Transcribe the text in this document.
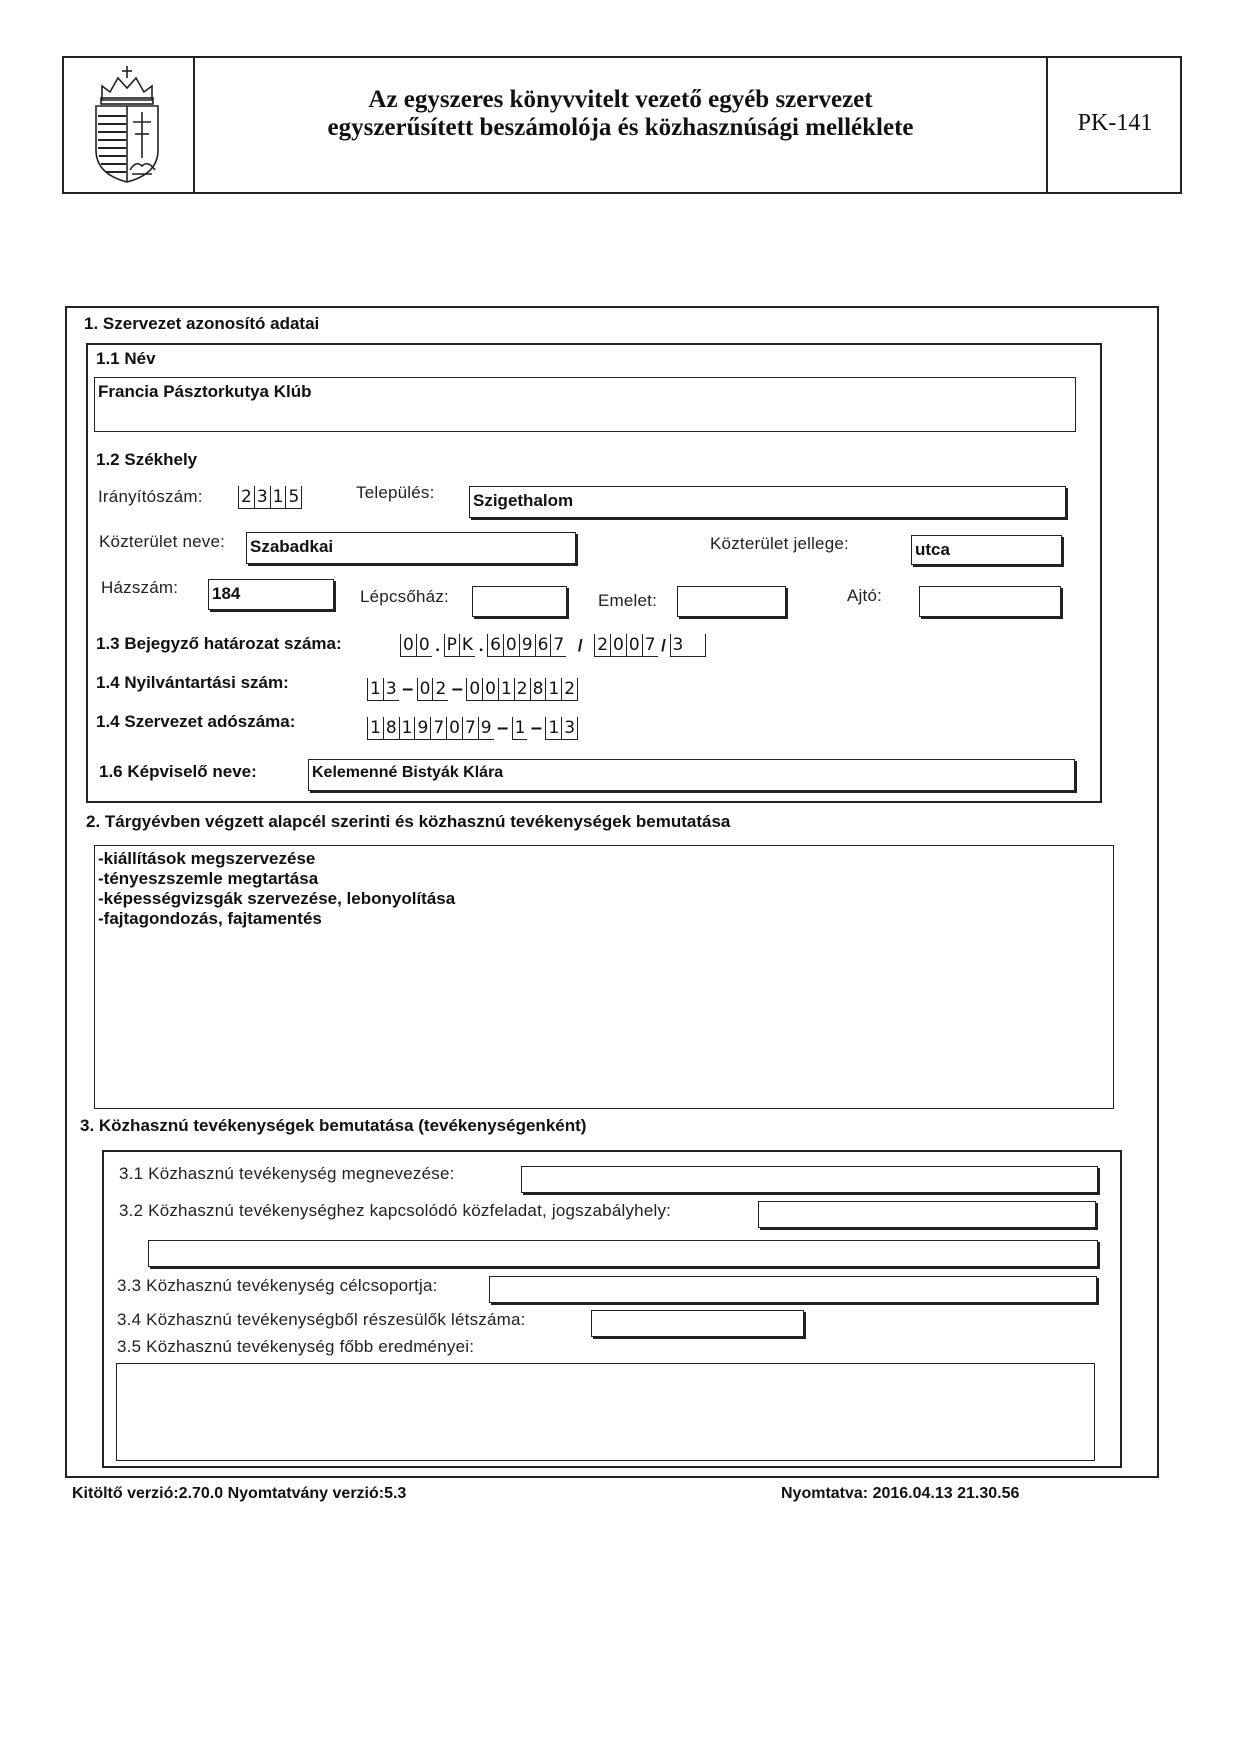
Az egyszeres könyvvitelt vezető egyéb szervezet
egyszerűsített beszámolója és közhasznúsági melléklete	PK-141
1. Szervezet azonosító adatai
1.1 Név
Francia Pásztorkutya Klúb
1.2 Székhely
Irányítószám: 2 3 1 5	Település: Szigethalom
Közterület neve: Szabadkai	Közterület jellege:	utca
Házszám: 184	Lépcsőház:	Emelet:	Ajtó:
1.3 Bejegyző határozat száma:	0 0 . P K . 6 0 9 6 7 / 2 0 0 7 / 3
1.4 Nyilvántartási szám:	1 3 – 0 2 – 0 0 1 2 8 1 2
1.4 Szervezet adószáma:	1 8 1 9 7 0 7 9 – 1 – 1 3
1.6 Képviselő neve:	Kelemenné Bistyák Klára
2. Tárgyévben végzett alapcél szerinti és közhasznú tevékenységek bemutatása
-kiállítások megszervezése
-tényeszszemle megtartása
-képességvizsgák szervezése, lebonyolítása
-fajtagondozás, fajtamentés
3. Közhasznú tevékenységek bemutatása (tevékenységenként)
3.1 Közhasznú tevékenység megnevezése:
3.2 Közhasznú tevékenységhez kapcsolódó közfeladat, jogszabályhely:
3.3 Közhasznú tevékenység célcsoportja:
3.4 Közhasznú tevékenységből részesülők létszáma:
3.5 Közhasznú tevékenység főbb eredményei:
Kitöltő verzió:2.70.0 Nyomtatvány verzió:5.3	Nyomtatva: 2016.04.13 21.30.56
